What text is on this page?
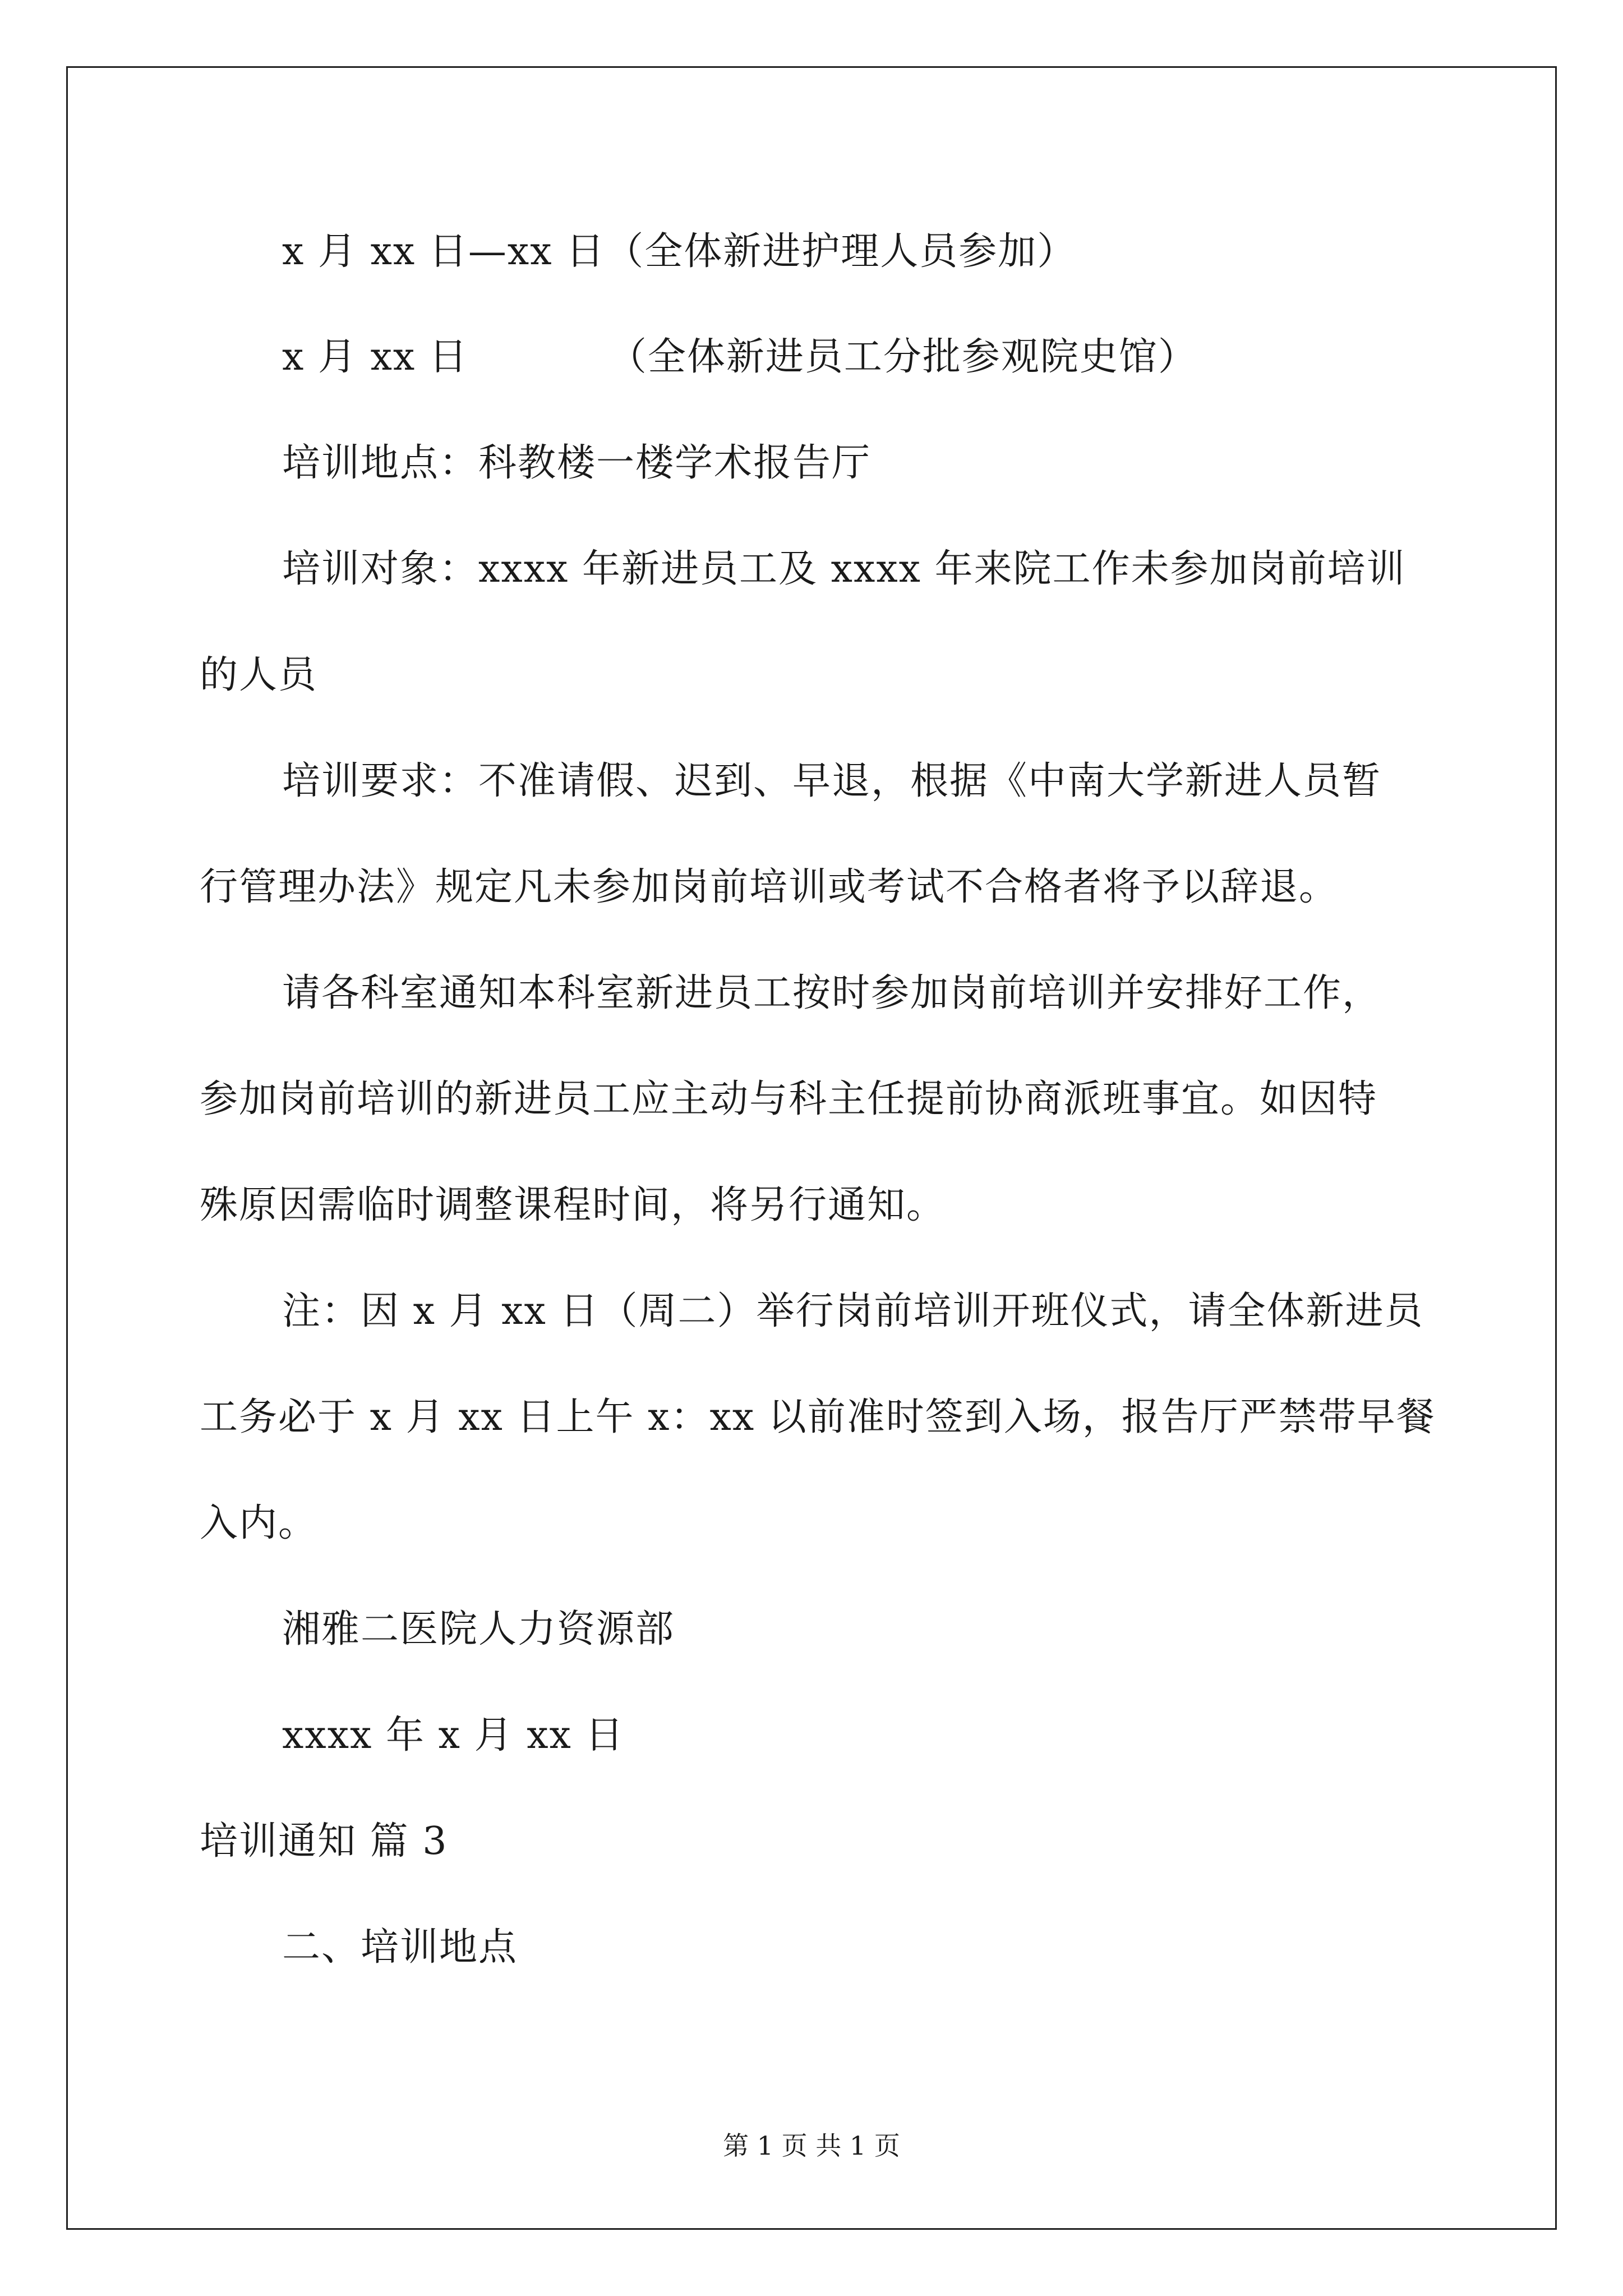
x 月 xx 日—xx 日（全体新进护理人员参加）
x 月 xx 日	（全体新进员工分批参观院史馆）
培训地点：科教楼一楼学术报告厅
培训对象：xxxx 年新进员工及 xxxx 年来院工作未参加岗前培训
的人员
培训要求：不准请假、迟到、早退，根据《中南大学新进人员暂
行管理办法》规定凡未参加岗前培训或考试不合格者将予以辞退。
请各科室通知本科室新进员工按时参加岗前培训并安排好工作，
参加岗前培训的新进员工应主动与科主任提前协商派班事宜。如因特
殊原因需临时调整课程时间，将另行通知。
注：因 x 月 xx 日（周二）举行岗前培训开班仪式，请全体新进员
工务必于 x 月 xx 日上午 x：xx 以前准时签到入场，报告厅严禁带早餐
入内。
湘雅二医院人力资源部
xxxx 年 x 月 xx 日
培训通知 篇 3
二、培训地点
第 1 页 共 1 页
